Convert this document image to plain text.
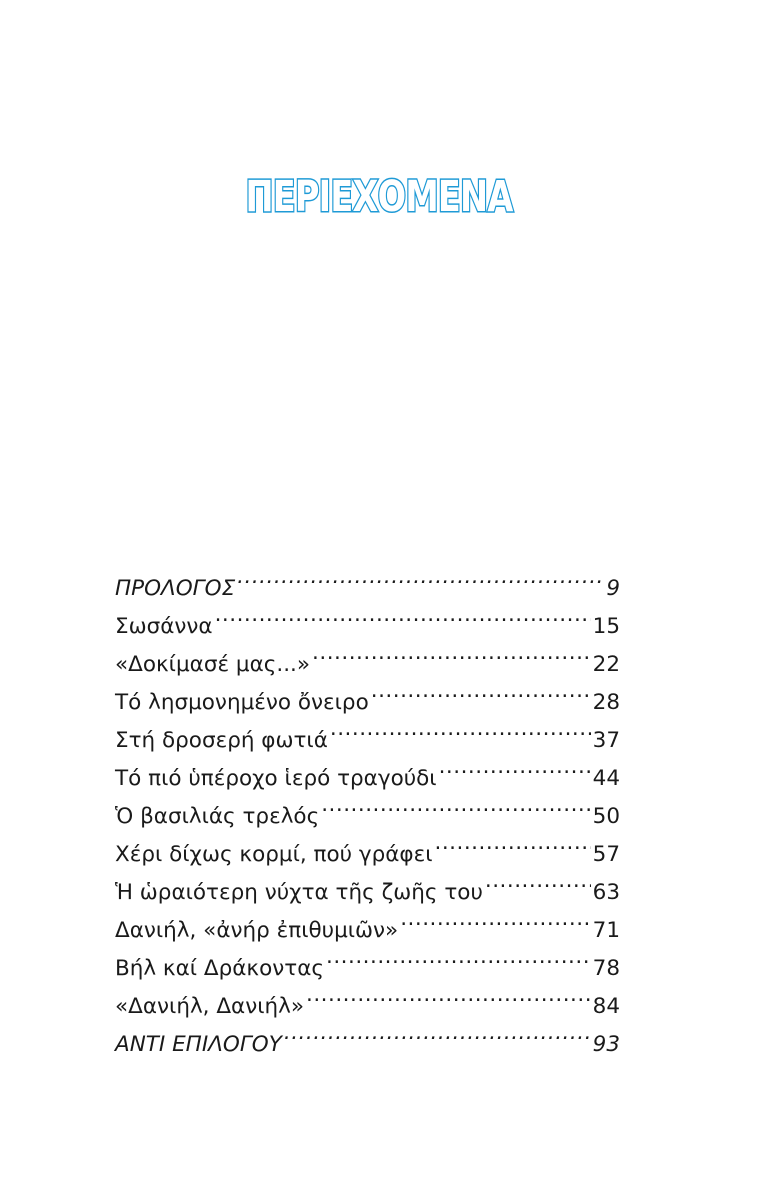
ΠΕΡΙΕΧΟΜΕΝΑ
ΠΡΟΛΟΓΟΣ .....	9
Σωσάννα .....	15
«Δοκίμασέ μας...» .....	22
Τό λησμονημένο ὄνειρο .....	28
Στή δροσερή φωτιά .....	37
Τό πιό ὑπέροχο ἱερό τραγούδι .....	44
Ὁ βασιλιάς τρελός .....	50
Χέρι δίχως κορμί, πού γράφει .....	57
Ἡ ὡραιότερη νύχτα τῆς ζωῆς του .....	63
Δανιήλ, «ἀνήρ ἐπιθυμιῶν» .....	71
Βήλ καί Δράκοντας .....	78
«Δανιήλ, Δανιήλ» .....	84
ΑΝΤΙ ΕΠΙΛΟΓΟΥ .....	93
